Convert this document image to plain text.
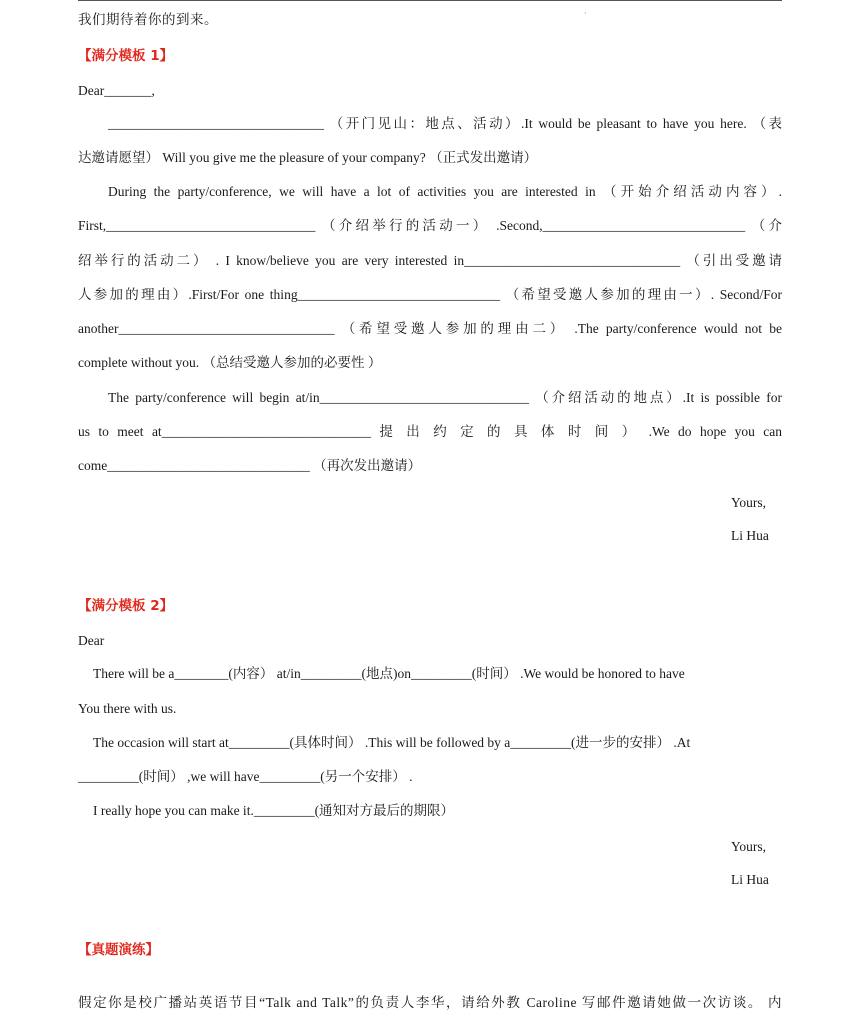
·
我们期待着你的到来。
【满分模板 1】
Dear_______,
________________________________ （开门见山：地点、活动）.It would be pleasant to have you here. （表
达邀请愿望） Will you give me the pleasure of your company? （正式发出邀请）
During the party/conference, we will have a lot of activities you are interested in （开始介绍活动内容）.
First,_______________________________ （介绍举行的活动一） .Second,______________________________ （介
绍举行的活动二） . I know/believe you are very interested in________________________________ （引出受邀请
人参加的理由）.First/For one thing______________________________ （希望受邀人参加的理由一）. Second/For
another________________________________ （希望受邀人参加的理由二） .The party/conference would not be
complete without you. （总结受邀人参加的必要性 ）
The party/conference will begin at/in_______________________________ （介绍活动的地点）.It is possible for
us to meet at_______________________________ 提 出 约 定 的 具 体 时 间 ） .We do hope you can
come______________________________ （再次发出邀请）
Yours,
Li Hua
【满分模板 2】
Dear
There will be a________(内容） at/in_________(地点)on_________(时间） .We would be honored to have
You there with us.
The occasion will start at_________(具体时间） .This will be followed by a_________(进一步的安排） .At
_________(时间） ,we will have_________(另一个安排） .
I really hope you can make it._________(通知对方最后的期限）
Yours,
Li Hua
【真题演练】
假定你是校广播站英语节目“Talk and Talk”的负责人李华，请给外教 Caroline 写邮件邀请她做一次访谈。 内
